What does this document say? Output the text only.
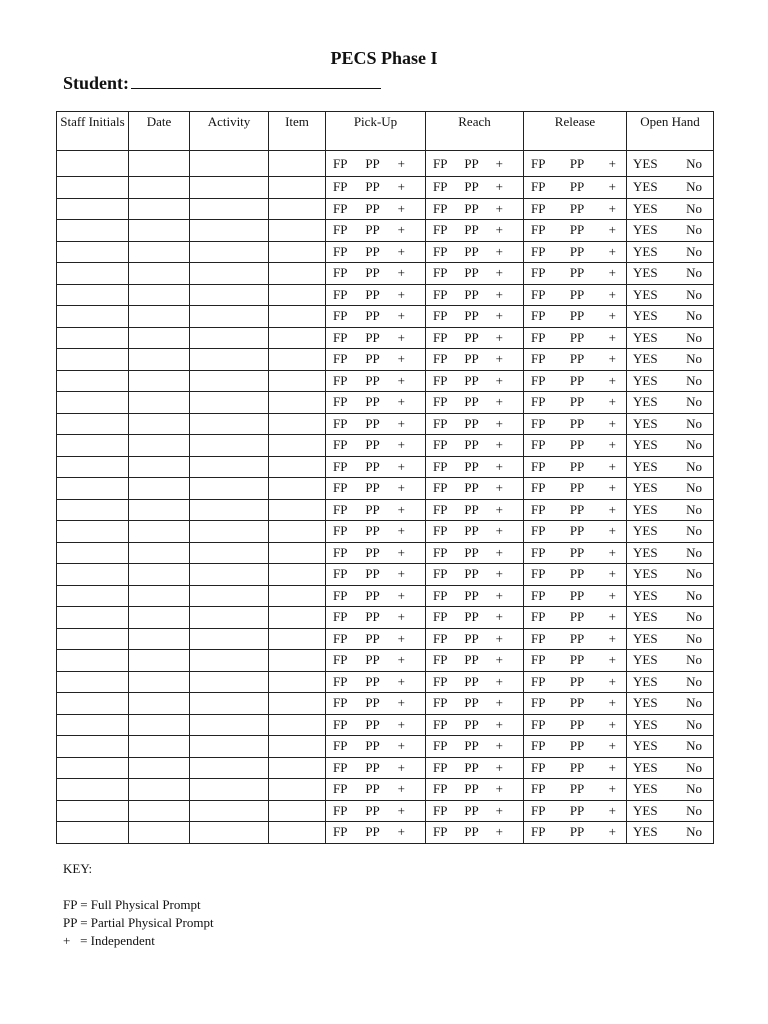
PECS Phase I
Student:
Staff Initials	Date	Activity	Item	Pick-Up	Reach	Release	Open Hand

				FP PP +	FP PP +	FP PP +	YES No

				FP PP +	FP PP +	FP PP +	YES No

				FP PP +	FP PP +	FP PP +	YES No

				FP PP +	FP PP +	FP PP +	YES No

				FP PP +	FP PP +	FP PP +	YES No

				FP PP +	FP PP +	FP PP +	YES No

				FP PP +	FP PP +	FP PP +	YES No

				FP PP +	FP PP +	FP PP +	YES No

				FP PP +	FP PP +	FP PP +	YES No

				FP PP +	FP PP +	FP PP +	YES No

				FP PP +	FP PP +	FP PP +	YES No

				FP PP +	FP PP +	FP PP +	YES No

				FP PP +	FP PP +	FP PP +	YES No

				FP PP +	FP PP +	FP PP +	YES No

				FP PP +	FP PP +	FP PP +	YES No

				FP PP +	FP PP +	FP PP +	YES No

				FP PP +	FP PP +	FP PP +	YES No

				FP PP +	FP PP +	FP PP +	YES No

				FP PP +	FP PP +	FP PP +	YES No

				FP PP +	FP PP +	FP PP +	YES No

				FP PP +	FP PP +	FP PP +	YES No

				FP PP +	FP PP +	FP PP +	YES No

				FP PP +	FP PP +	FP PP +	YES No

				FP PP +	FP PP +	FP PP +	YES No

				FP PP +	FP PP +	FP PP +	YES No

				FP PP +	FP PP +	FP PP +	YES No

				FP PP +	FP PP +	FP PP +	YES No

				FP PP +	FP PP +	FP PP +	YES No

				FP PP +	FP PP +	FP PP +	YES No

				FP PP +	FP PP +	FP PP +	YES No

				FP PP +	FP PP +	FP PP +	YES No

				FP PP +	FP PP +	FP PP +	YES No
KEY:
FP = Full Physical Prompt
PP = Partial Physical Prompt
+   = Independent
